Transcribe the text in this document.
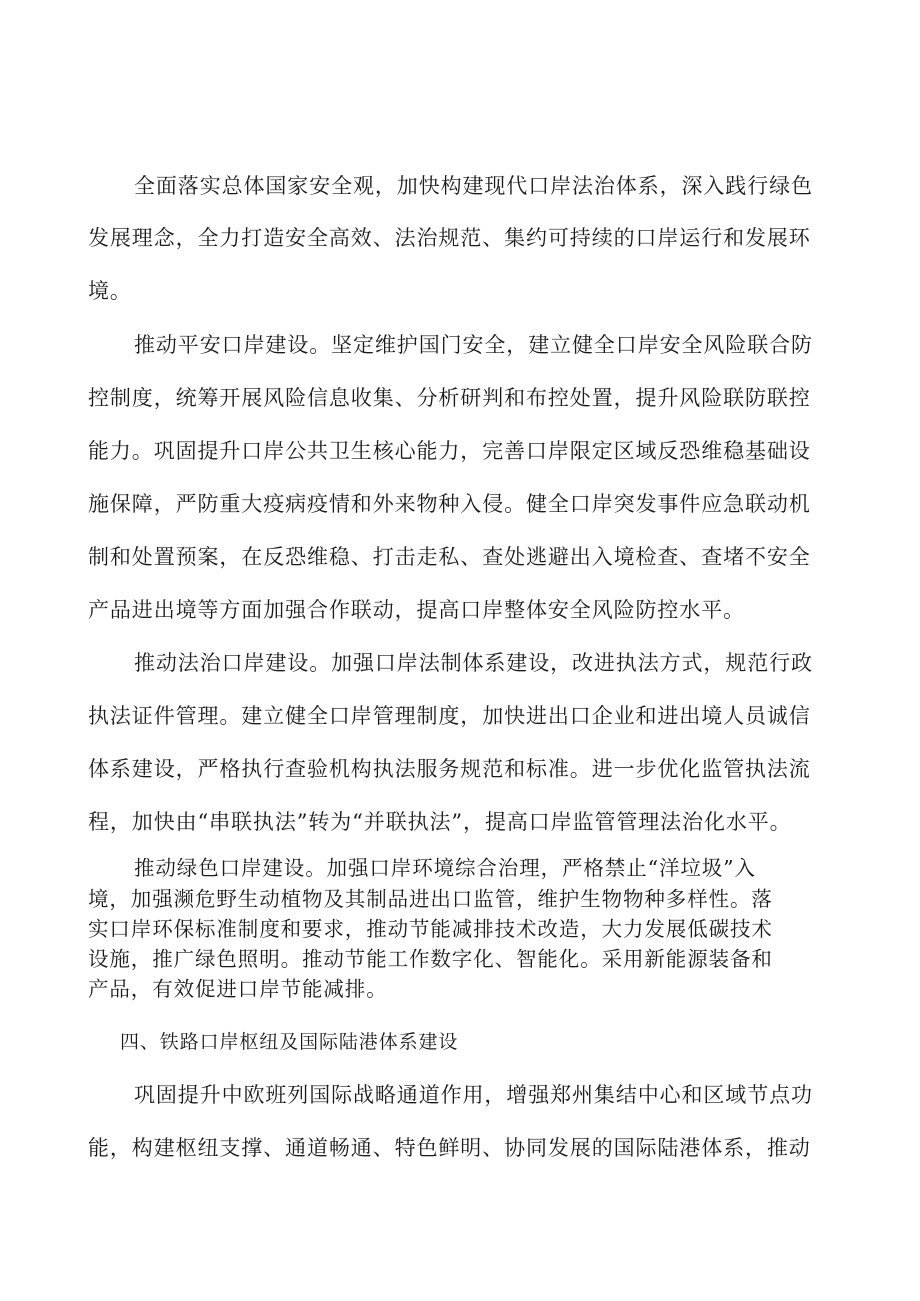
全面落实总体国家安全观，加快构建现代口岸法治体系，深入践行绿色
发展理念，全力打造安全高效、法治规范、集约可持续的口岸运行和发展环
境。
推动平安口岸建设。坚定维护国门安全，建立健全口岸安全风险联合防
控制度，统筹开展风险信息收集、分析研判和布控处置，提升风险联防联控
能力。巩固提升口岸公共卫生核心能力，完善口岸限定区域反恐维稳基础设
施保障，严防重大疫病疫情和外来物种入侵。健全口岸突发事件应急联动机
制和处置预案，在反恐维稳、打击走私、查处逃避出入境检查、查堵不安全
产品进出境等方面加强合作联动，提高口岸整体安全风险防控水平。
推动法治口岸建设。加强口岸法制体系建设，改进执法方式，规范行政
执法证件管理。建立健全口岸管理制度，加快进出口企业和进出境人员诚信
体系建设，严格执行查验机构执法服务规范和标准。进一步优化监管执法流
程，加快由“串联执法”转为“并联执法”，提高口岸监管管理法治化水平。
推动绿色口岸建设。加强口岸环境综合治理，严格禁止“洋垃圾”入
境，加强濒危野生动植物及其制品进出口监管，维护生物物种多样性。落
实口岸环保标准制度和要求，推动节能减排技术改造，大力发展低碳技术
设施，推广绿色照明。推动节能工作数字化、智能化。采用新能源装备和
产品，有效促进口岸节能减排。
四、铁路口岸枢纽及国际陆港体系建设
巩固提升中欧班列国际战略通道作用，增强郑州集结中心和区域节点功
能，构建枢纽支撑、通道畅通、特色鲜明、协同发展的国际陆港体系，推动
